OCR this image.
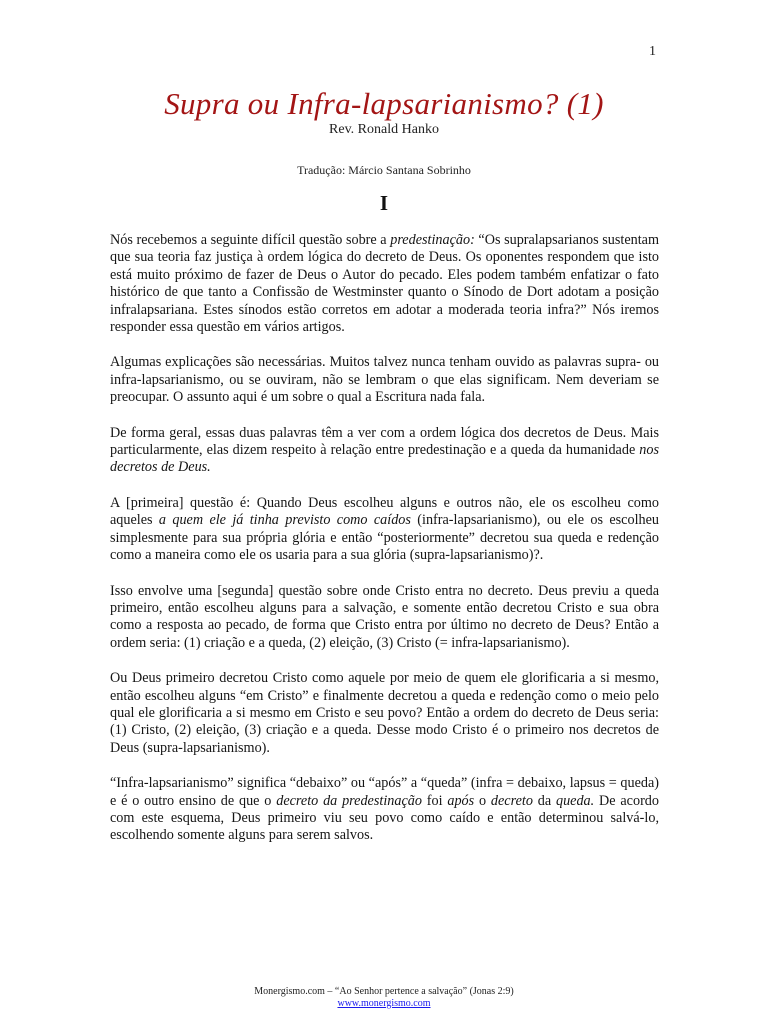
1
Supra ou Infra-lapsarianismo? (1)
Rev. Ronald Hanko
Tradução: Márcio Santana Sobrinho
I

Nós recebemos a seguinte difícil questão sobre a predestinação: “Os supralapsarianos sustentam que sua teoria faz justiça à ordem lógica do decreto de Deus. Os oponentes respondem que isto está muito próximo de fazer de Deus o Autor do pecado. Eles podem também enfatizar o fato histórico de que tanto a Confissão de Westminster quanto o Sínodo de Dort adotam a posição infralapsariana. Estes sínodos estão corretos em adotar a moderada teoria infra?” Nós iremos responder essa questão em vários artigos.

Algumas explicações são necessárias. Muitos talvez nunca tenham ouvido as palavras supra- ou infra-lapsarianismo, ou se ouviram, não se lembram o que elas significam. Nem deveriam se preocupar. O assunto aqui é um sobre o qual a Escritura nada fala.

De forma geral, essas duas palavras têm a ver com a ordem lógica dos decretos de Deus. Mais particularmente, elas dizem respeito à relação entre predestinação e a queda da humanidade nos decretos de Deus.

A [primeira] questão é: Quando Deus escolheu alguns e outros não, ele os escolheu como aqueles a quem ele já tinha previsto como caídos (infra-lapsarianismo), ou ele os escolheu simplesmente para sua própria glória e então “posteriormente” decretou sua queda e redenção como a maneira como ele os usaria para a sua glória (supra-lapsarianismo)?.

Isso envolve uma [segunda] questão sobre onde Cristo entra no decreto. Deus previu a queda primeiro, então escolheu alguns para a salvação, e somente então decretou Cristo e sua obra como a resposta ao pecado, de forma que Cristo entra por último no decreto de Deus? Então a ordem seria: (1) criação e a queda, (2) eleição, (3) Cristo (= infra-lapsarianismo).

Ou Deus primeiro decretou Cristo como aquele por meio de quem ele glorificaria a si mesmo, então escolheu alguns “em Cristo” e finalmente decretou a queda e redenção como o meio pelo qual ele glorificaria a si mesmo em Cristo e seu povo? Então a ordem do decreto de Deus seria: (1) Cristo, (2) eleição, (3) criação e a queda. Desse modo Cristo é o primeiro nos decretos de Deus (supra-lapsarianismo).

“Infra-lapsarianismo” significa “debaixo” ou “após” a “queda” (infra = debaixo, lapsus = queda) e é o outro ensino de que o decreto da predestinação foi após o decreto da queda. De acordo com este esquema, Deus primeiro viu seu povo como caído e então determinou salvá-lo, escolhendo somente alguns para serem salvos.

Monergismo.com – “Ao Senhor pertence a salvação” (Jonas 2:9)
www.monergismo.com
